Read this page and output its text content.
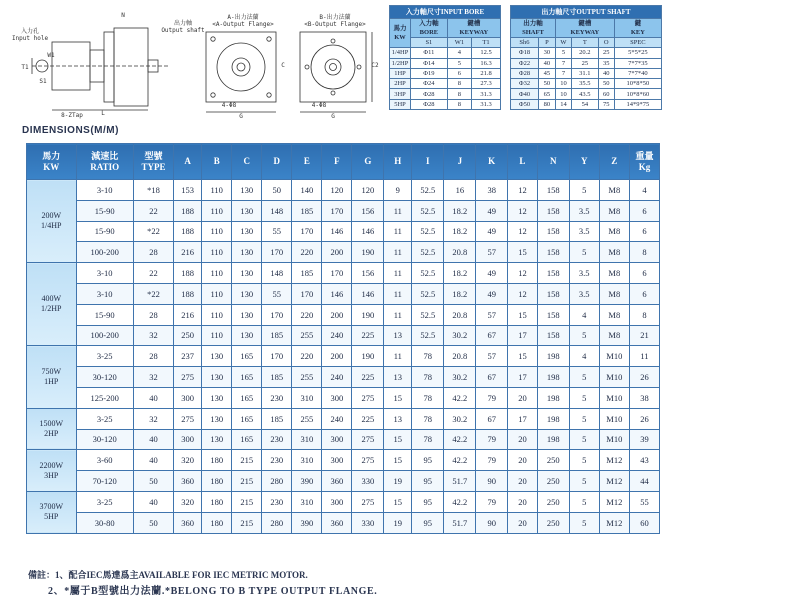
入力孔
Input hole
出力軸
Output shaft
A-出力法蘭
<A-Output Flange>
B-出力法蘭
<B-Output Flange>
T1
S1
W1
8-ZTap	L
N
4-Φ8
G
4-Φ8
G
C	C2
入力軸尺寸INPUT BORE			
馬力
KW	入力軸
BORE	鍵槽
KEYWAY	
	S1	W1	T1
1/4HP	Φ11	4	12.5
1/2HP	Φ14	5	16.3
1HP	Φ19	6	21.8
2HP	Φ24	8	27.3
3HP	Φ28	8	31.3
5HP	Φ28	8	31.3
出力軸尺寸OUTPUT SHAFT					
出力軸
SHAFT		鍵槽
KEYWAY			鍵
KEY
Sh6	P	W	T	O	SPEC
Φ18	30	5	20.2	25	5*5*25
Φ22	40	7	25	35	7*7*35
Φ28	45	7	31.1	40	7*7*40
Φ32	50	10	35.5	50	10*8*50
Φ40	65	10	43.5	60	10*8*60
Φ50	80	14	54	75	14*9*75
DIMENSIONS(M/M)
馬力
KW	減速比
RATIO	型號
TYPE	A	B	C	D	E	F	G	H	I	J	K	L	N	Y	Z	重量
Kg
200W
1/4HP	3-10	*18	153	110	130	50	140	120	120	9	52.5	16	38	12	158	5	M8	4
	15-90	22	188	110	130	148	185	170	156	11	52.5	18.2	49	12	158	3.5	M8	6
	15-90	*22	188	110	130	55	170	146	146	11	52.5	18.2	49	12	158	3.5	M8	6
	100-200	28	216	110	130	170	220	200	190	11	52.5	20.8	57	15	158	5	M8	8
400W
1/2HP	3-10	22	188	110	130	148	185	170	156	11	52.5	18.2	49	12	158	3.5	M8	6
	3-10	*22	188	110	130	55	170	146	146	11	52.5	18.2	49	12	158	3.5	M8	6
	15-90	28	216	110	130	170	220	200	190	11	52.5	20.8	57	15	158	4	M8	8
	100-200	32	250	110	130	185	255	240	225	13	52.5	30.2	67	17	158	5	M8	21
750W
1HP	3-25	28	237	130	165	170	220	200	190	11	78	20.8	57	15	198	4	M10	11
	30-120	32	275	130	165	185	255	240	225	13	78	30.2	67	17	198	5	M10	26
	125-200	40	300	130	165	230	310	300	275	15	78	42.2	79	20	198	5	M10	38
1500W
2HP	3-25	32	275	130	165	185	255	240	225	13	78	30.2	67	17	198	5	M10	26
	30-120	40	300	130	165	230	310	300	275	15	78	42.2	79	20	198	5	M10	39
2200W
3HP	3-60	40	320	180	215	230	310	300	275	15	95	42.2	79	20	250	5	M12	43
	70-120	50	360	180	215	280	390	360	330	19	95	51.7	90	20	250	5	M12	44
3700W
5HP	3-25	40	320	180	215	230	310	300	275	15	95	42.2	79	20	250	5	M12	55
	30-80	50	360	180	215	280	390	360	330	19	95	51.7	90	20	250	5	M12	60
備註：1、配合IEC馬達爲主AVAILABLE FOR IEC METRIC MOTOR.
2、*屬于B型號出力法蘭.*BELONG TO B TYPE OUTPUT FLANGE.
